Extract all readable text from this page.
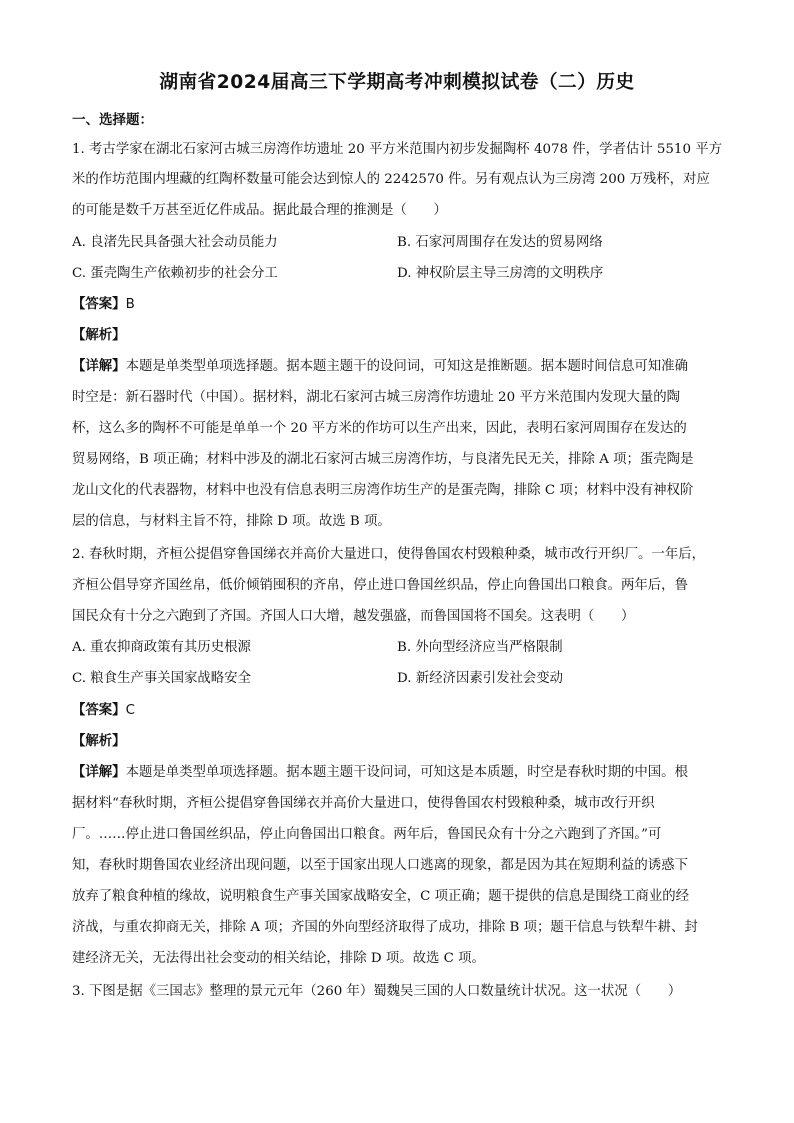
湖南省2024届高三下学期高考冲刺模拟试卷（二）历史
一、选择题：
1. 考古学家在湖北石家河古城三房湾作坊遗址 20 平方米范围内初步发掘陶杯 4078 件，学者估计 5510 平方
米的作坊范围内埋藏的红陶杯数量可能会达到惊人的 2242570 件。另有观点认为三房湾 200 万残杯，对应
的可能是数千万甚至近亿件成品。据此最合理的推测是（　　）
A. 良渚先民具备强大社会动员能力	B. 石家河周围存在发达的贸易网络
C. 蛋壳陶生产依赖初步的社会分工	D. 神权阶层主导三房湾的文明秩序
【答案】B
【解析】
【详解】本题是单类型单项选择题。据本题主题干的设问词，可知这是推断题。据本题时间信息可知准确
时空是：新石器时代（中国）。据材料，湖北石家河古城三房湾作坊遗址 20 平方米范围内发现大量的陶
杯，这么多的陶杯不可能是单单一个 20 平方米的作坊可以生产出来，因此，表明石家河周围存在发达的
贸易网络，B 项正确；材料中涉及的湖北石家河古城三房湾作坊，与良渚先民无关，排除 A 项；蛋壳陶是
龙山文化的代表器物，材料中也没有信息表明三房湾作坊生产的是蛋壳陶，排除 C 项；材料中没有神权阶
层的信息，与材料主旨不符，排除 D 项。故选 B 项。
2. 春秋时期，齐桓公提倡穿鲁国绨衣并高价大量进口，使得鲁国农村毁粮种桑，城市改行开织厂。一年后，
齐桓公倡导穿齐国丝帛，低价倾销囤积的齐帛，停止进口鲁国丝织品，停止向鲁国出口粮食。两年后，鲁
国民众有十分之六跑到了齐国。齐国人口大增，越发强盛，而鲁国国将不国矣。这表明（　　）
A. 重农抑商政策有其历史根源	B. 外向型经济应当严格限制
C. 粮食生产事关国家战略安全	D. 新经济因素引发社会变动
【答案】C
【解析】
【详解】本题是单类型单项选择题。据本题主题干设问词，可知这是本质题，时空是春秋时期的中国。根
据材料“春秋时期，齐桓公提倡穿鲁国绨衣并高价大量进口，使得鲁国农村毁粮种桑，城市改行开织
厂。……停止进口鲁国丝织品，停止向鲁国出口粮食。两年后，鲁国民众有十分之六跑到了齐国。”可
知，春秋时期鲁国农业经济出现问题，以至于国家出现人口逃离的现象，都是因为其在短期利益的诱惑下
放弃了粮食种植的缘故，说明粮食生产事关国家战略安全，C 项正确；题干提供的信息是围绕工商业的经
济战，与重农抑商无关，排除 A 项；齐国的外向型经济取得了成功，排除 B 项；题干信息与铁犁牛耕、封
建经济无关，无法得出社会变动的相关结论，排除 D 项。故选 C 项。
3. 下图是据《三国志》整理的景元元年（260 年）蜀魏吴三国的人口数量统计状况。这一状况（　　）
